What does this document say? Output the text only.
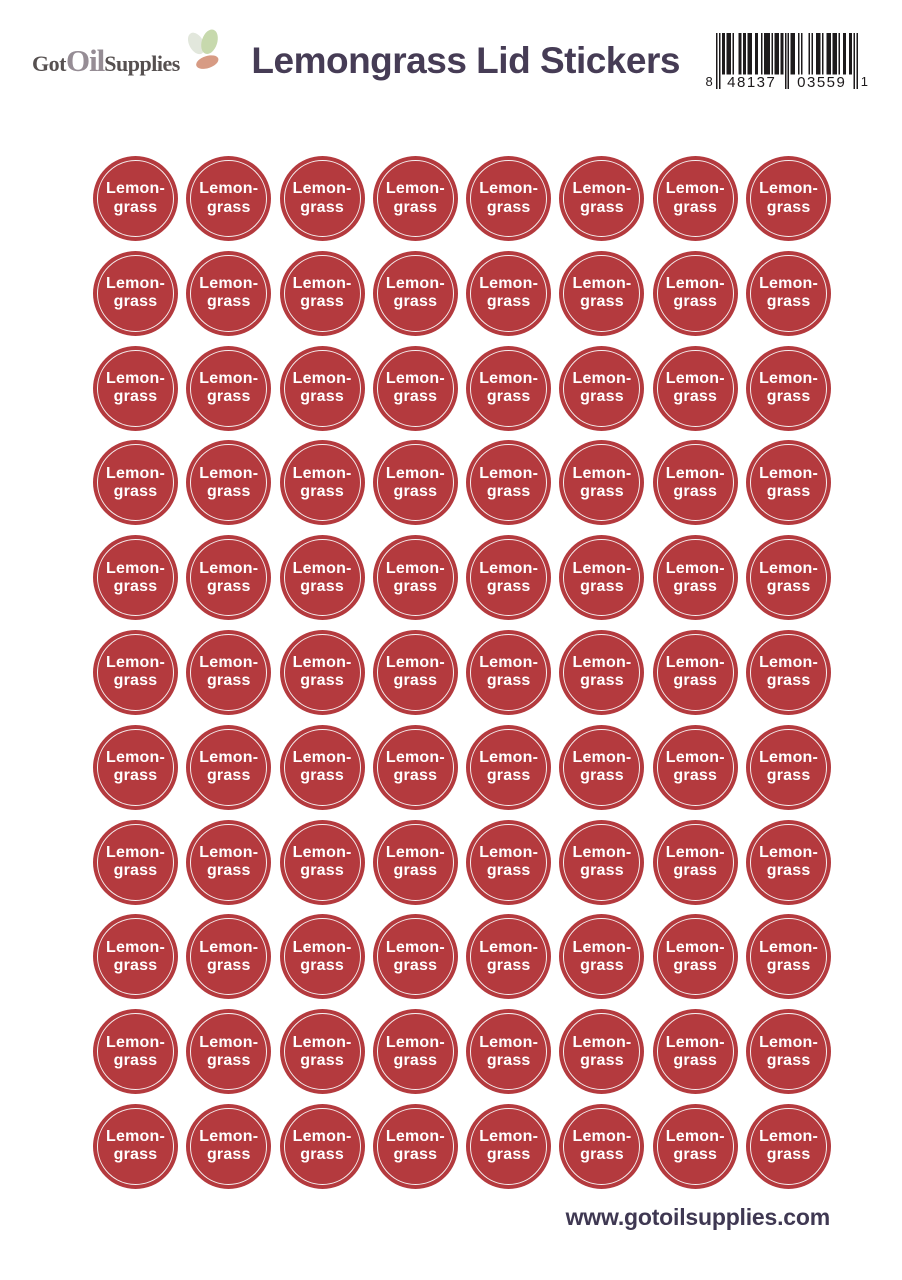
Got Oil Supplies	Lemongrass Lid Stickers
8 48137	03559	1
Lemon-
grass
Lemon-
grass
Lemon-
grass
Lemon-
grass
Lemon-
grass
Lemon-
grass
Lemon-
grass
Lemon-
grass
Lemon-
grass
Lemon-
grass
Lemon-
grass
Lemon-
grass
Lemon-
grass
Lemon-
grass
Lemon-
grass
Lemon-
grass
Lemon-
grass
Lemon-
grass
Lemon-
grass
Lemon-
grass
Lemon-
grass
Lemon-
grass
Lemon-
grass
Lemon-
grass
Lemon-
grass
Lemon-
grass
Lemon-
grass
Lemon-
grass
Lemon-
grass
Lemon-
grass
Lemon-
grass
Lemon-
grass
Lemon-
grass
Lemon-
grass
Lemon-
grass
Lemon-
grass
Lemon-
grass
Lemon-
grass
Lemon-
grass
Lemon-
grass
Lemon-
grass
Lemon-
grass
Lemon-
grass
Lemon-
grass
Lemon-
grass
Lemon-
grass
Lemon-
grass
Lemon-
grass
Lemon-
grass
Lemon-
grass
Lemon-
grass
Lemon-
grass
Lemon-
grass
Lemon-
grass
Lemon-
grass
Lemon-
grass
Lemon-
grass
Lemon-
grass
Lemon-
grass
Lemon-
grass
Lemon-
grass
Lemon-
grass
Lemon-
grass
Lemon-
grass
Lemon-
grass
Lemon-
grass
Lemon-
grass
Lemon-
grass
Lemon-
grass
Lemon-
grass
Lemon-
grass
Lemon-
grass
Lemon-
grass
Lemon-
grass
Lemon-
grass
Lemon-
grass
Lemon-
grass
Lemon-
grass
Lemon-
grass
Lemon-
grass
Lemon-
grass
Lemon-
grass
Lemon-
grass
Lemon-
grass
Lemon-
grass
Lemon-
grass
Lemon-
grass
Lemon-
grass
www.gotoilsupplies.com
